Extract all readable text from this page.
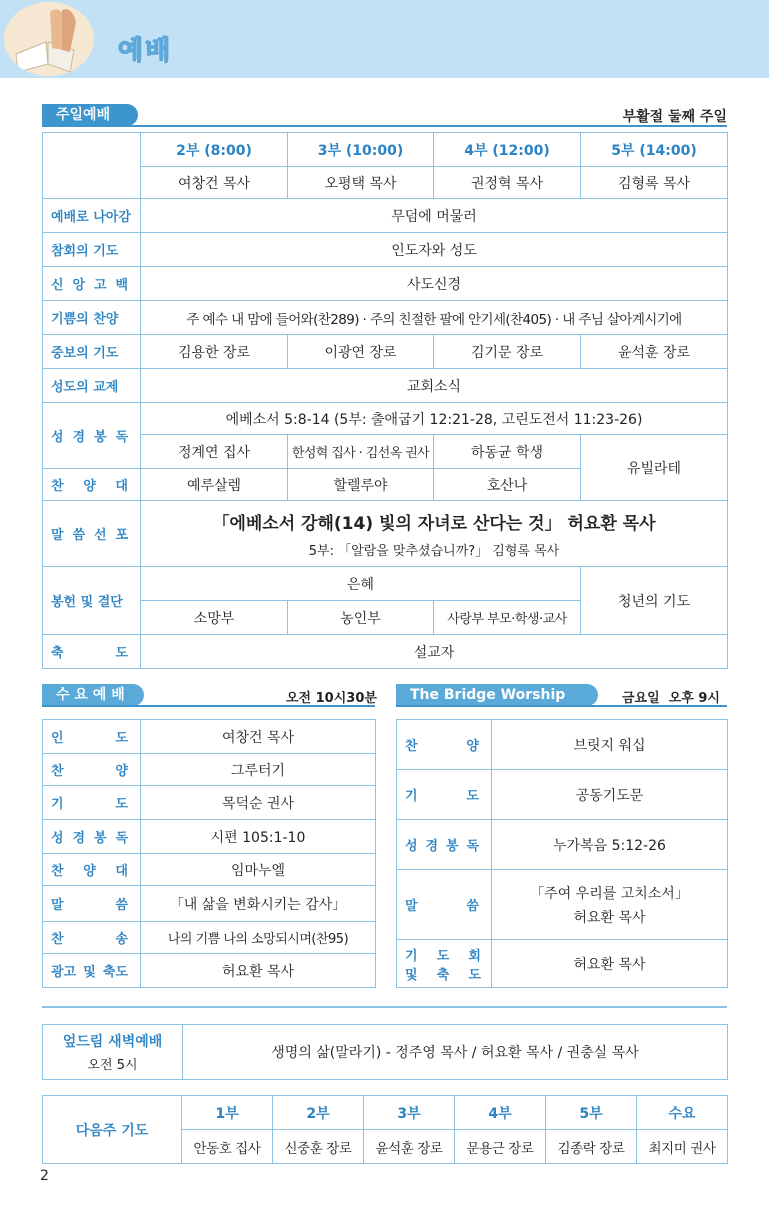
예배
주일예배	부활절 둘째 주일
	2부 (8:00)	3부 (10:00)	4부 (12:00)	5부 (14:00)
	여창건 목사	오평택 목사	권정혁 목사	김형록 목사
예배로 나아감	무덤에 머물러			
참회의 기도	인도자와 성도			
신 앙 고 백	사도신경			
기쁨의 찬양	주 예수 내 맘에 들어와(찬289) · 주의 친절한 팔에 안기세(찬405) · 내 주님 살아계시기에			
중보의 기도	김용한 장로	이광연 장로	김기문 장로	윤석훈 장로
성도의 교제	교회소식			
성 경 봉 독	에베소서 5:8-14 (5부: 출애굽기 12:21-28, 고린도전서 11:23-26)			
	정계연 집사	한성혁 집사 · 김선옥 권사	하동균 학생	유빌라테
찬 양 대	예루살렘	할렐루야	호산나	
말 씀 선 포	「에베소서 강해(14) 빛의 자녀로 산다는 것」 허요환 목사
5부: 「알람을 맞추셨습니까?」 김형록 목사			

봉헌 및 결단	은혜			청년의 기도
	소망부	농인부	사랑부 부모·학생·교사	
축 도	설교자			
수 요 예 배	오전 10시30분
인 도	여창건 목사
찬 양	그루터기
기 도	목덕순 권사
성 경 봉 독	시편 105:1-10
찬 양 대	임마누엘
말 씀	「내 삶을 변화시키는 감사」
찬 송	나의 기쁨 나의 소망되시며(찬95)
광고 및 축도	허요환 목사
The Bridge Worship	금요일  오후 9시
찬 양	브릿지 워십
기 도	공동기도문
성 경 봉 독	누가복음 5:12-26
말 씀	「주여 우리를 고치소서」
허요환 목사

기 도 회
및 축 도	허요환 목사
엎드림 새벽예배
오전 5시
	생명의 삶(말라기) - 정주영 목사 / 허요환 목사 / 권충실 목사
다음주 기도	1부	2부	3부	4부	5부	수요
	안동호 집사	신중훈 장로	윤석훈 장로	문용근 장로	김종락 장로	최지미 권사
2
